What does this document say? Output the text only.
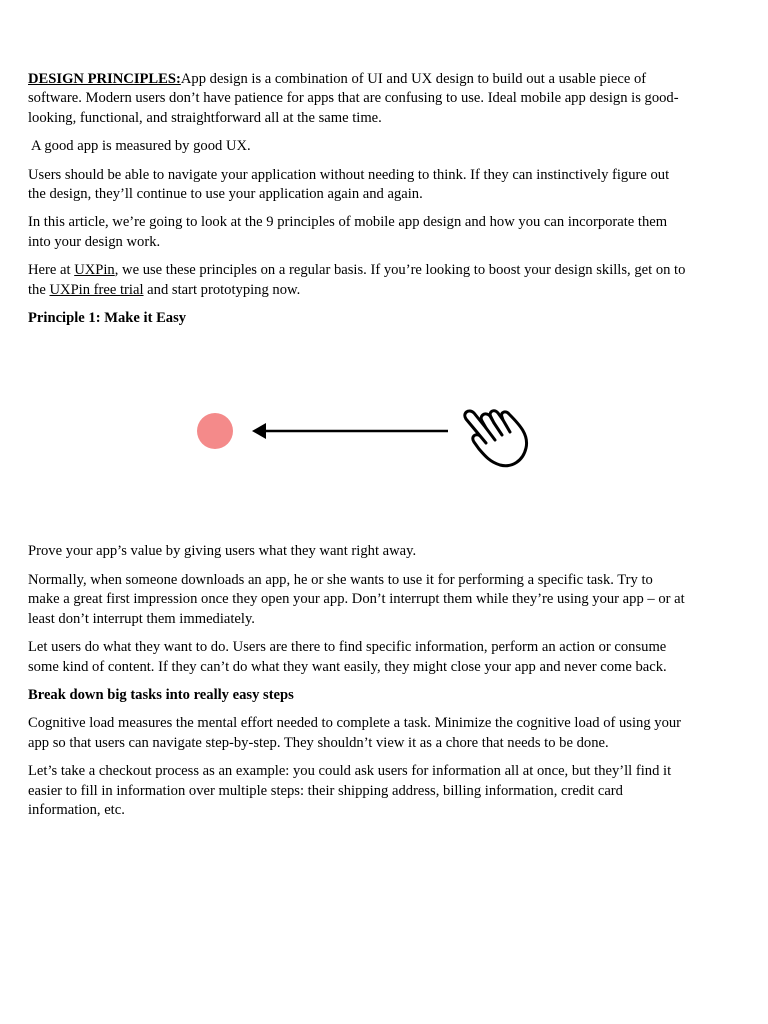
DESIGN PRINCIPLES:App design is a combination of UI and UX design to build out a usable piece of software. Modern users don’t have patience for apps that are confusing to use. Ideal mobile app design is good-looking, functional, and straightforward all at the same time.

A good app is measured by good UX.

Users should be able to navigate your application without needing to think. If they can instinctively figure out the design, they’ll continue to use your application again and again.

In this article, we’re going to look at the 9 principles of mobile app design and how you can incorporate them into your design work.

Here at UXPin, we use these principles on a regular basis. If you’re looking to boost your design skills, get on to the UXPin free trial and start prototyping now.

Principle 1: Make it Easy

Prove your app’s value by giving users what they want right away.

Normally, when someone downloads an app, he or she wants to use it for performing a specific task. Try to make a great first impression once they open your app. Don’t interrupt them while they’re using your app – or at least don’t interrupt them immediately.

Let users do what they want to do. Users are there to find specific information, perform an action or consume some kind of content. If they can’t do what they want easily, they might close your app and never come back.

Break down big tasks into really easy steps

Cognitive load measures the mental effort needed to complete a task. Minimize the cognitive load of using your app so that users can navigate step-by-step. They shouldn’t view it as a chore that needs to be done.

Let’s take a checkout process as an example: you could ask users for information all at once, but they’ll find it easier to fill in information over multiple steps: their shipping address, billing information, credit card information, etc.
